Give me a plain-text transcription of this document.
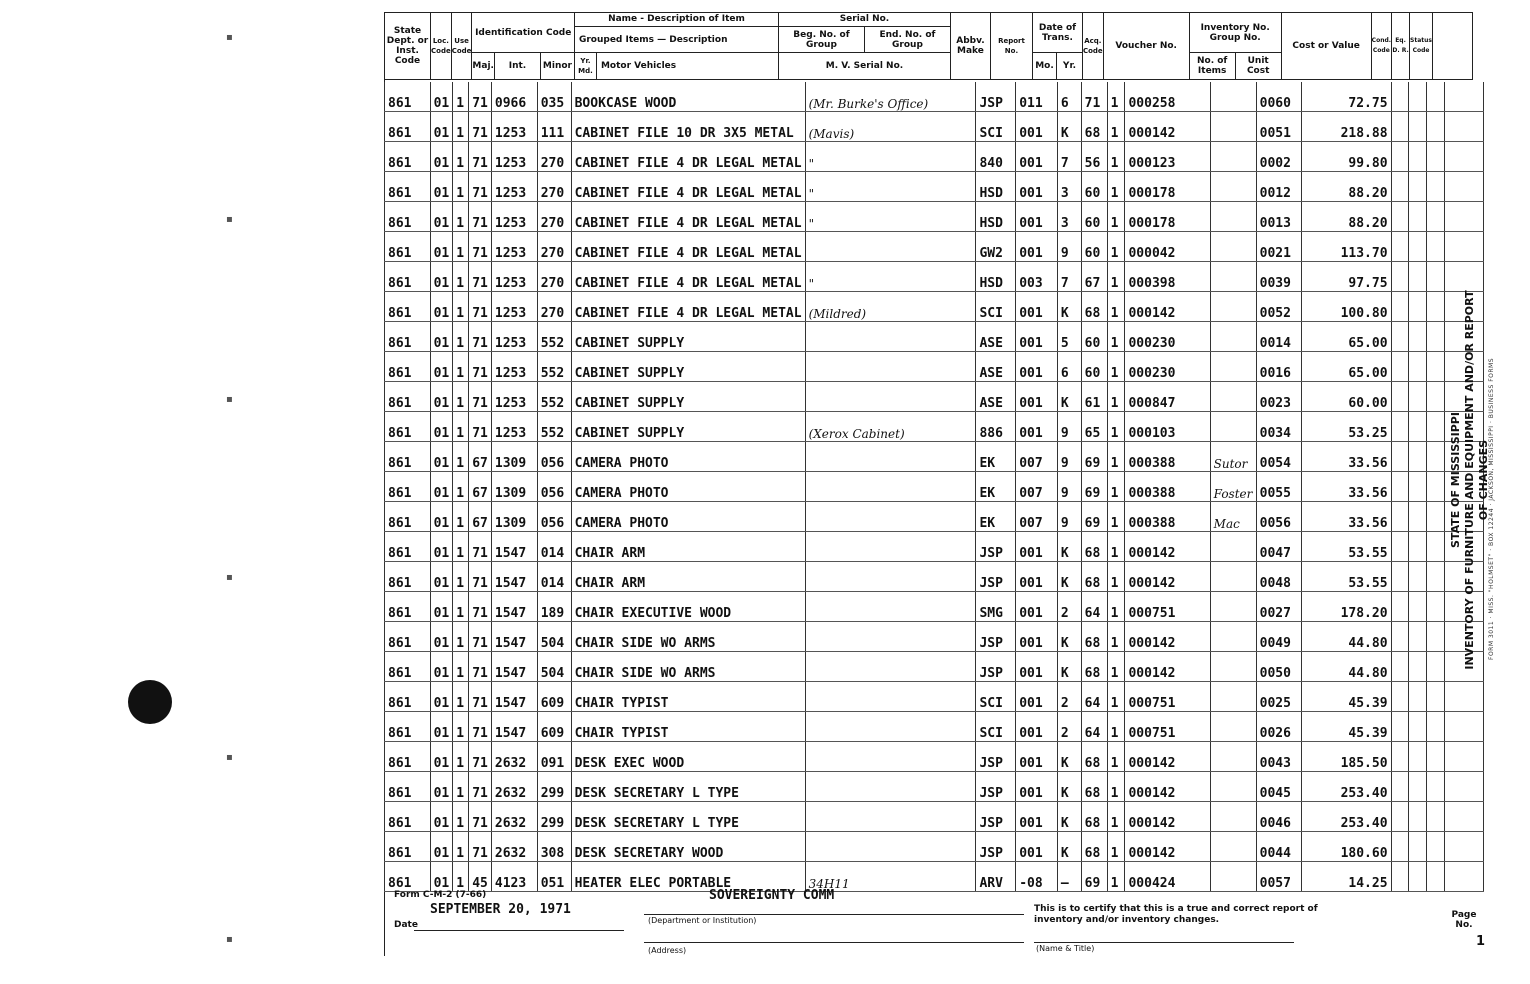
▪
▪
▪
▪
▪
▪
State Dept. or Inst. Code	Loc. Code	Use Code	Identification Code			Name - Description of Item		Serial No.		Abbv. Make	Report No.	Date of Trans.		Acq. Code	Voucher No.	Inventory No. Group No.		Cost or Value	Cond. Code	Eq. D. R.	Status Code	
						Grouped Items — Description		Beg. No. of Group	End. No. of Group													
			Maj.	Int.	Minor	Yr. Md.	Motor Vehicles	M. V. Serial No.				Mo.	Yr.			No. of Items	Unit Cost					
861	01	1	71	0966	035	BOOKCASE WOOD	(Mr. Burke's Office)	JSP	011	6	71	1	000258		0060	72.75				
861	01	1	71	1253	111	CABINET FILE 10 DR 3X5 METAL	(Mavis)	SCI	001	K	68	1	000142		0051	218.88				
861	01	1	71	1253	270	CABINET FILE 4 DR LEGAL METAL	"	840	001	7	56	1	000123		0002	99.80				
861	01	1	71	1253	270	CABINET FILE 4 DR LEGAL METAL	"	HSD	001	3	60	1	000178		0012	88.20				
861	01	1	71	1253	270	CABINET FILE 4 DR LEGAL METAL	"	HSD	001	3	60	1	000178		0013	88.20				
861	01	1	71	1253	270	CABINET FILE 4 DR LEGAL METAL		GW2	001	9	60	1	000042		0021	113.70				
861	01	1	71	1253	270	CABINET FILE 4 DR LEGAL METAL	"	HSD	003	7	67	1	000398		0039	97.75				
861	01	1	71	1253	270	CABINET FILE 4 DR LEGAL METAL	(Mildred)	SCI	001	K	68	1	000142		0052	100.80				
861	01	1	71	1253	552	CABINET SUPPLY		ASE	001	5	60	1	000230		0014	65.00				
861	01	1	71	1253	552	CABINET SUPPLY		ASE	001	6	60	1	000230		0016	65.00				
861	01	1	71	1253	552	CABINET SUPPLY		ASE	001	K	61	1	000847		0023	60.00				
861	01	1	71	1253	552	CABINET SUPPLY	(Xerox Cabinet)	886	001	9	65	1	000103		0034	53.25				
861	01	1	67	1309	056	CAMERA PHOTO		EK	007	9	69	1	000388	Sutor	0054	33.56				
861	01	1	67	1309	056	CAMERA PHOTO		EK	007	9	69	1	000388	Foster	0055	33.56				
861	01	1	67	1309	056	CAMERA PHOTO		EK	007	9	69	1	000388	Mac	0056	33.56				
861	01	1	71	1547	014	CHAIR ARM		JSP	001	K	68	1	000142		0047	53.55				
861	01	1	71	1547	014	CHAIR ARM		JSP	001	K	68	1	000142		0048	53.55				
861	01	1	71	1547	189	CHAIR EXECUTIVE WOOD		SMG	001	2	64	1	000751		0027	178.20				
861	01	1	71	1547	504	CHAIR SIDE WO ARMS		JSP	001	K	68	1	000142		0049	44.80				
861	01	1	71	1547	504	CHAIR SIDE WO ARMS		JSP	001	K	68	1	000142		0050	44.80				
861	01	1	71	1547	609	CHAIR TYPIST		SCI	001	2	64	1	000751		0025	45.39				
861	01	1	71	1547	609	CHAIR TYPIST		SCI	001	2	64	1	000751		0026	45.39				
861	01	1	71	2632	091	DESK EXEC WOOD		JSP	001	K	68	1	000142		0043	185.50				
861	01	1	71	2632	299	DESK SECRETARY L TYPE		JSP	001	K	68	1	000142		0045	253.40				
861	01	1	71	2632	299	DESK SECRETARY L TYPE		JSP	001	K	68	1	000142		0046	253.40				
861	01	1	71	2632	308	DESK SECRETARY WOOD		JSP	001	K	68	1	000142		0044	180.60				
861	01	1	45	4123	051	HEATER ELEC PORTABLE	34H11	ARV	-08	—	69	1	000424		0057	14.25				
Form C-M-2 (7-66)
SEPTEMBER 20, 1971
Date
SOVEREIGNTY COMM
(Department or Institution)
(Address)
This is to certify that this is a true and correct report of inventory and/or inventory changes.
(Name & Title)
Page No.
1
STATE OF MISSISSIPPI INVENTORY OF FURNITURE AND EQUIPMENT AND/OR REPORT OF CHANGES
FORM 3011 · MISS. "HOLMSET" · BOX 12244 · JACKSON, MISSISSIPPI · BUSINESS FORMS
